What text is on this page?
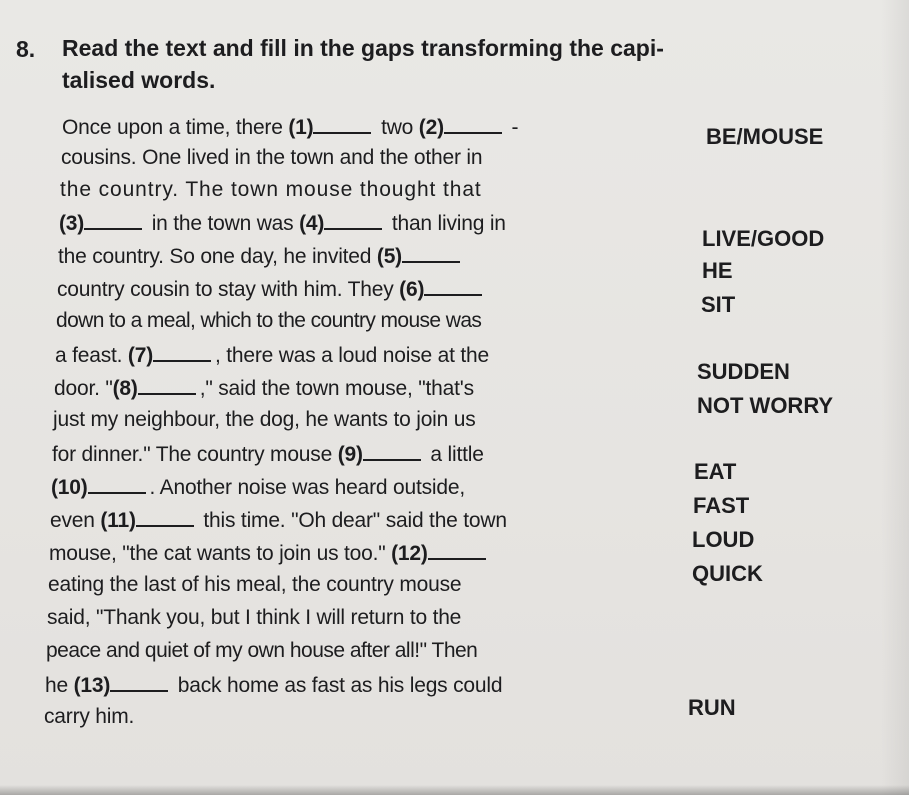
8. Read the text and fill in the gaps transforming the capi-
talised words.
Once upon a time, there (1)	two (2)	-
cousins. One lived in the town and the other in
the country. The town mouse thought that
(3)	in the town was (4)	than living in
the country. So one day, he invited (5)
country cousin to stay with him. They (6)
down to a meal, which to the country mouse was
a feast. (7)	, there was a loud noise at the
door. "(8)	," said the town mouse, "that's
just my neighbour, the dog, he wants to join us
for dinner." The country mouse (9)	a little
(10)	. Another noise was heard outside,
even (11)	this time. "Oh dear" said the town
mouse, "the cat wants to join us too." (12)
eating the last of his meal, the country mouse
said, "Thank you, but I think I will return to the
peace and quiet of my own house after all!" Then
he (13)	back home as fast as his legs could
carry him.
BE/MOUSE
LIVE/GOOD
HE
SIT
SUDDEN
NOT WORRY
EAT
FAST
LOUD
QUICK
RUN
